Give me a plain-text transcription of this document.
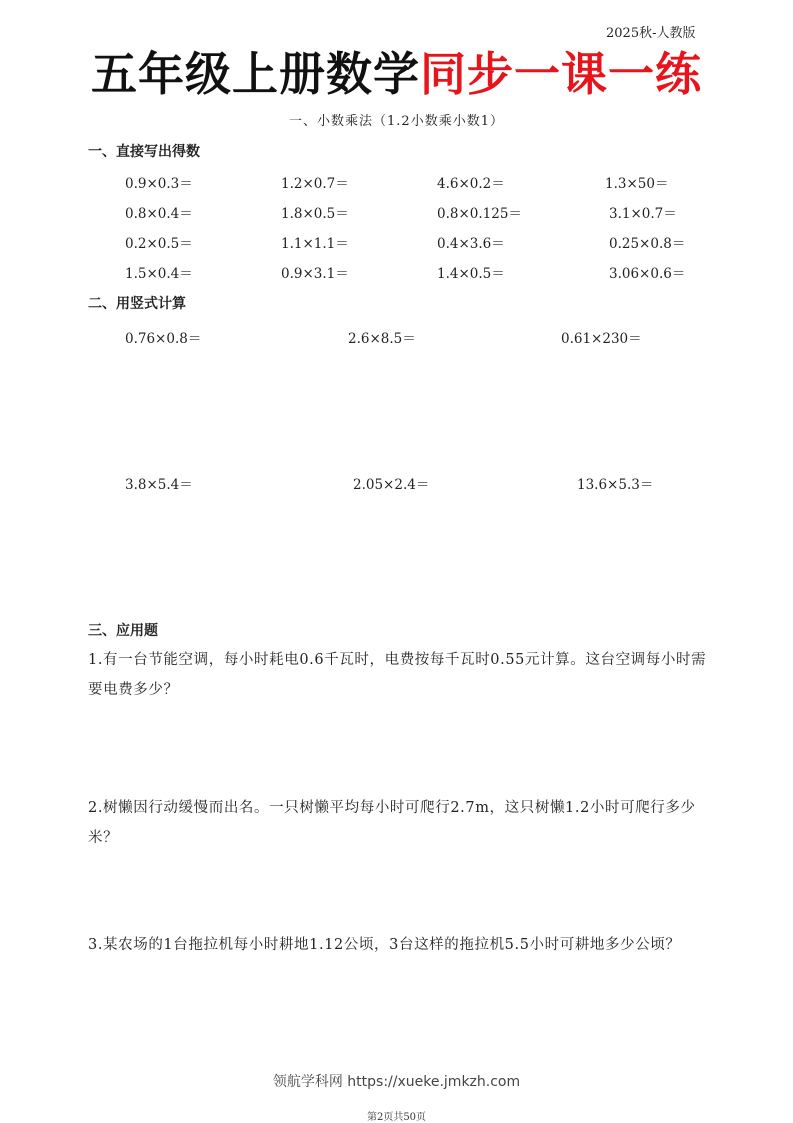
2025秋-人教版
五年级上册数学同步一课一练
一、小数乘法（1.2小数乘小数1）
一、直接写出得数
0.9×0.3＝	1.2×0.7＝	4.6×0.2＝	1.3×50＝
0.8×0.4＝	1.8×0.5＝	0.8×0.125＝	3.1×0.7＝
0.2×0.5＝	1.1×1.1＝	0.4×3.6＝	0.25×0.8＝
1.5×0.4＝	0.9×3.1＝	1.4×0.5＝	3.06×0.6＝
二、用竖式计算
0.76×0.8＝	2.6×8.5＝	0.61×230＝
3.8×5.4＝	2.05×2.4＝	13.6×5.3＝
三、应用题
1.有一台节能空调，每小时耗电0.6千瓦时，电费按每千瓦时0.55元计算。这台空调每小时需要电费多少？
2.树懒因行动缓慢而出名。一只树懒平均每小时可爬行2.7m，这只树懒1.2小时可爬行多少米？
3.某农场的1台拖拉机每小时耕地1.12公顷，3台这样的拖拉机5.5小时可耕地多少公顷？
领航学科网 https://xueke.jmkzh.com
第2页共50页
